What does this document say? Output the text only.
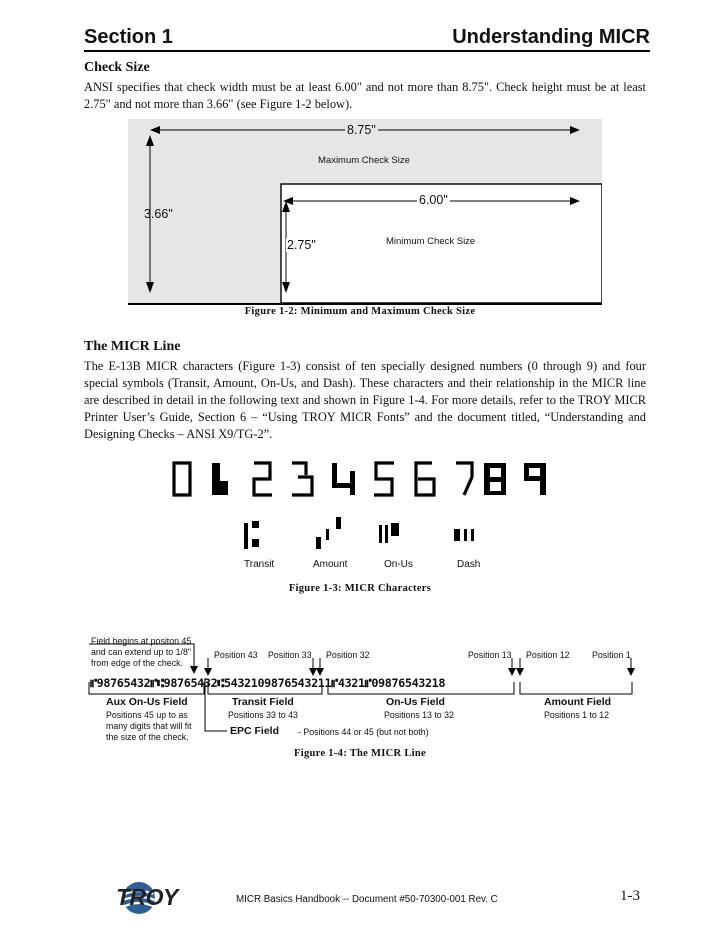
Section 1	Understanding MICR
Check Size
ANSI specifies that check width must be at least 6.00" and not more than 8.75". Check height must be at least 2.75" and not more than 3.66" (see Figure 1-2 below).
8.75"
Maximum Check Size
3.66"
6.00"
2.75"	Minimum Check Size
Figure 1-2: Minimum and Maximum Check Size
The MICR Line
The E-13B MICR characters (Figure 1-3) consist of ten specially designed numbers (0 through 9) and four special symbols (Transit, Amount, On-Us, and Dash). These characters and their relationship in the MICR line are described in detail in the following text and shown in Figure 1-4. For more details, refer to the TROY MICR Printer User’s Guide, Section 6 – “Using TROY MICR Fonts” and the document titled, “Understanding and Designing Checks – ANSI X9/TG-2”.
Transit	Amount	On-Us	Dash
Figure 1-3: MICR Characters
Field begins at positon 45
and can extend up to 1/8"
from edge of the check.
Position 43 Position 33 Position 32	Position 13 Position 12	Position 1
⑈98765432⑈⑆98765432⑆5432109876543211⑈4321⑈09876543218
Aux On-Us Field
Positions 45 up to as
many digits that will fit
the size of the check.
Transit Field
Positions 33 to 43
On-Us Field
Positions 13 to 32
Amount Field
Positions 1 to 12
EPC Field - Positions 44 or 45 (but not both)
Figure 1-4: The MICR Line
TROY	MICR Basics Handbook -- Document #50-70300-001 Rev. C	1-3
